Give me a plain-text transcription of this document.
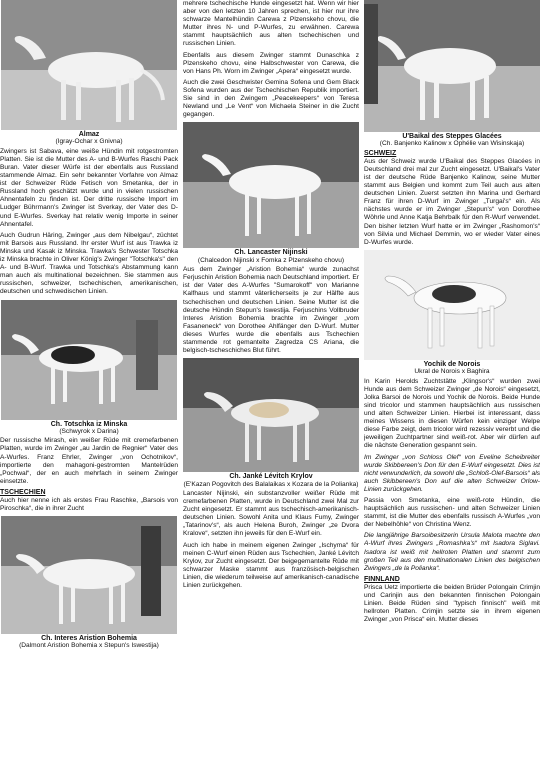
Almaz
(Igray-Ochar x Gnivna)

Zwingers ist Sabava, eine weiße Hündin mit rotgestromten Platten. Sie ist die Mutter des A- und B-Wurfes Raschi Pack Buran. Vater dieser Würfe ist der ebenfalls aus Russland stammende Almaz. Ein sehr bekannter Vorfahre von Almaz ist der Schweizer Rüde Fetisch von Smetanka, der in Russland hoch geschätzt wurde und in vielen russischen Ahnentafeln zu finden ist. Der dritte russische Import im Ludger Bührmann's Zwinger ist Sverkay, der Vater des D- und E-Wurfes. Sverkay hat relativ wenig Importe in seiner Ahnentafel.

Auch Gudrun Häring, Zwinger „aus dem Nibelgau“, züchtet mit Barsois aus Russland. Ihr erster Wurf ist aus Trawka iz Minska und Kasak iz Minska. Trawka's Schwester Totschka iz Minska brachte in Oliver König's Zwinger "Totschka's" den A- und B-Wurf. Trawka und Totschka's Abstammung kann man auch als multinational bezeichnen. Sie stammen aus russischen, schweizer, tschechischen, amerikanischen, deutschen und schwedischen Linien.

Ch. Totschka iz Minska
(Schwyrok x Darina)

Der russische Mirash, ein weißer Rüde mit cremefarbenen Platten, wurde im Zwinger „au Jardin de Regnier“ Vater des A-Wurfes. Franz Ehrler, Zwinger „von Ochotnikov“, importierte den mahagoni-gestromten Mantelrüden „Pochwal“, der en auch mehrfach in seinem Zwinger einsetzte.

TSCHECHIEN

Auch hier nenne ich als erstes Frau Raschke, „Barsois von Piroschka“, die in ihrer Zucht

Ch. Interes Aristion Bohemia
(Dalmont Aristion Bohemia x Stepun's Iswestija)

mehrere tschechische Hunde eingesetzt hat. Wenn wir hier aber von den letzten 10 Jahren sprechen, ist hier nur ihre schwarze Mantelhündin Carewa z Plzenskeho chovu, die Mutter ihres N- und P-Wurfes, zu erwähnen. Carewa stammt hauptsächlich aus alten tschechischen und russischen Linien.

Ebenfalls aus diesem Zwinger stammt Dunaschka z Plzenskeho chovu, eine Halbschwester von Carewa, die von Hans Ph. Worn im Zwinger „Apera“ eingesetzt wurde.

Auch die zwei Geschwister Gemina Sofena und Gem Black Sofena wurden aus der Tschechischen Republik importiert. Sie sind in den Zwingern „Peacekeepers“ von Teresa Newland und „Le Vent“ von Michaela Steiner in die Zucht gegangen.

Ch. Lancaster Nijinski
(Chalcedon Nijinski x Fomka z Plzenskeho chovu)

Aus dem Zwinger „Aristion Bohemia“ wurde zunachst Ferjuschin Aristion Bohemia nach Deutschland importiert. Er ist der Vater des A-Wurfes "Sumarokoff" von Marianne Kalfhaus und stammt väterlicherseits je zur Hälfte aus tschechischen und deutschen Linien. Seine Mutter ist die deutsche Hündin Stepun's Iswestija. Ferjuschins Vollbruder Interes Aristion Bohemia brachte im Zwinger „vom Fasaneneck“ von Dorothee Ahlfänger den D-Wurf. Mutter dieses Wurfes wurde die ebenfalls aus Tschechien stammende rot gemantelte Zagredza CS Ariana, die belgisch-tscheschiches Blut führt.

Ch. Janké Lévitch Krylov
(E'Kazan Pogovitch des Balalaikas x Kozara de la Polianka)

Lancaster Nijinski, ein substanzvoller weißer Rüde mit cremefarbenen Platten, wurde in Deutschland zwei Mal zur Zucht eingesetzt. Er stammt aus tschechisch-amerikanisch-deutschen Linien. Sowohl Anita und Klaus Fumy, Zwinger „Tatarinov's“, als auch Helena Buroh, Zwinger „ze Dvora Kralove“, setzten ihn jeweils für den E-Wurf ein.

Auch ich habe in meinem eigenen Zwinger „Ischyma“ für meinen C-Wurf einen Rüden aus Tschechien, Janké Lévitch Krylov, zur Zucht eingesetzt. Der beigegemantelte Rüde mit schwarzer Maske stammt aus französisch-belgischen Linien, die wiederum teilweise auf amerikanisch-canadische Linien zurückgehen.

U'Baikal des Steppes Glacées
(Ch. Banjenko Kalinow x Ophélie van Wisinskaja)
SCHWEIZ

Aus der Schweiz wurde U'Baikal des Steppes Glacées in Deutschland drei mal zur Zucht eingesetzt. U'Baikal's Vater ist der deutsche Rüde Banjenko Kalinow, seine Mutter stammt aus Belgien und kommt zum Teil auch aus alten deutschen Linien. Zuerst setzten ihn Marina und Gerhard Franz für ihren D-Wurf im Zwinger „Turgai's“ ein. Als nächstes wurde er im Zwinger „Stepun's“ von Dorothee Wöhrle und Anne Katja Behrbalk für den R-Wurf verwendet. Den bisher letzten Wurf hatte er im Zwinger „Rashomon's“ von Silvia und Michael Demmin, wo er wieder Vater eines D-Wurfes wurde.

Yochik de Norois
Ukral de Norois x Baghira

In Karin Herolds Zuchtstätte „Klingsor's“ wurden zwei Hunde aus dem Schweizer Zwinger „de Norois“ eingesetzt, Jolka Barsoi de Norois und Yochik de Norois. Beide Hunde sind tricolor und stammen hauptsächlich aus russischen und alten Schweizer Linien. Hierbei ist interessant, dass meines Wissens in diesen Würfen kein einziger Welpe diese Farbe zeigt, dem tricolor wird rezessiv vererbt und die jeweiligen Zuchtpartner sind weiß-rot. Aber wir dürfen auf die nächste Generation gespannt sein.

Im Zwinger „von Schloss Olef“ von Eveline Scheibreiter wurde Skibbereen's Don für den E-Wurf eingesetzt. Dies ist nicht verwunderlich, da sowohl die „Schloß-Olef-Barsois“ als auch Skibbereen's Don auf die alten Schweizer Orlow-Linien zurückgehen.

Passia von Smetanka, eine weiß-rote Hündin, die hauptsächlich aus russischen- und alten Schweizer Linien stammt, ist die Mutter des ebenfalls russisch A-Wurfes „von der Nebelhöhle“ von Christina Wenz.

Die langjährige Barsoibesitzerin Ursula Malota machte den A-Wurf ihres Zwingers „Romashka's“ mit Isadora Siglavi. Isadora ist weiß mit hellroten Platten und stammt zum großen Teil aus den multinationalen Linien des belgischen Zwingers „de la Polianka“.

FINNLAND

Prisca Uetz importierte die beiden Brüder Polongain Crimjin und Carinjin aus den bekannten finnischen Polongain Linien. Beide Rüden sind "typisch finnisch" weiß mit hellroten Platten. Crimjin setzte sie in ihrem eigenen Zwinger „von Prisca“ ein. Mutter dieses
